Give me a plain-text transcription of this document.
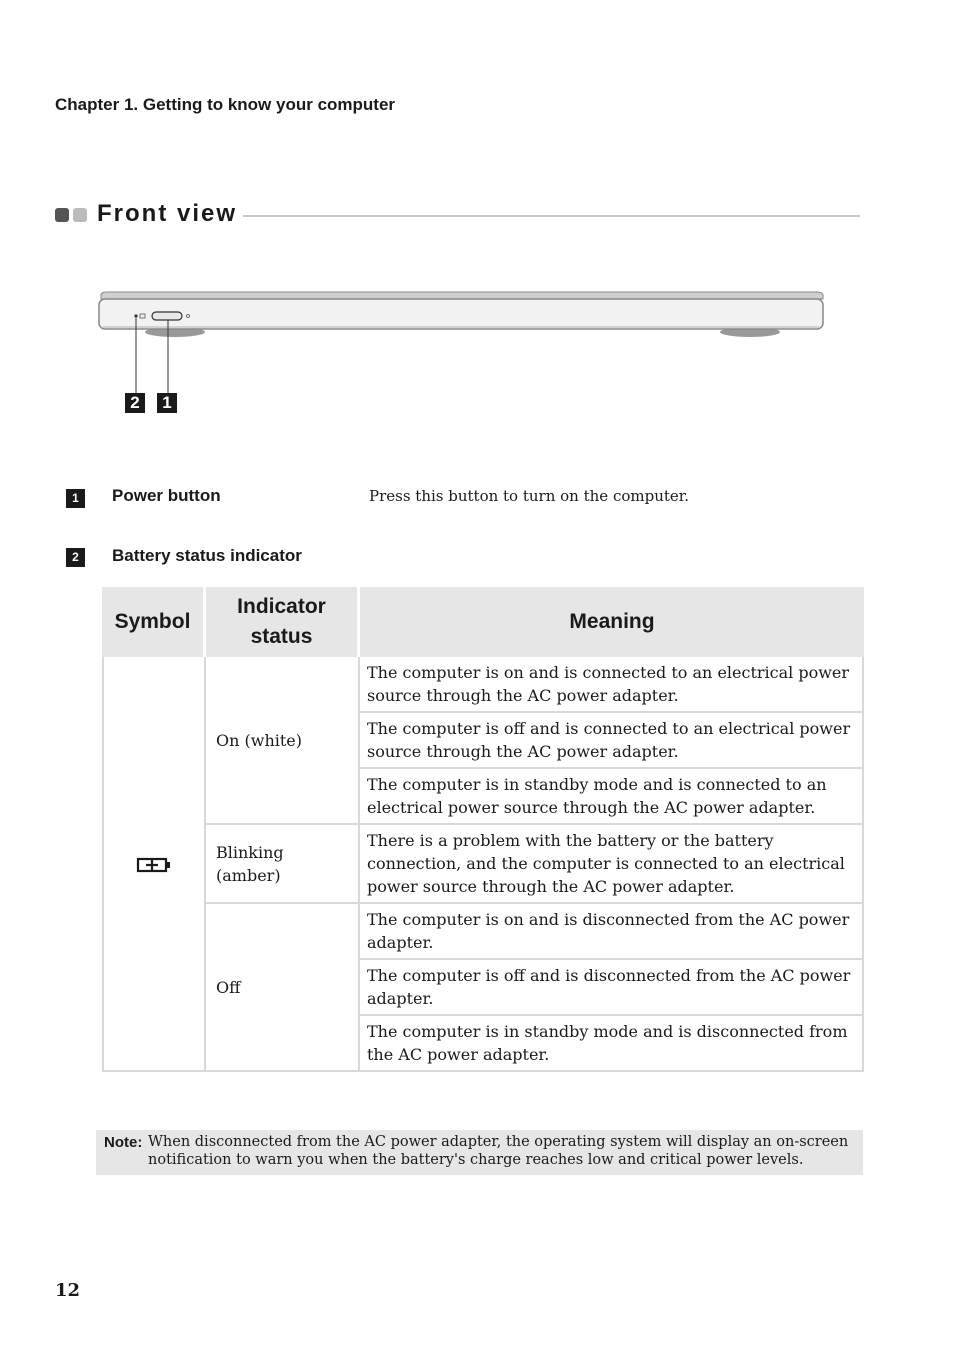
Chapter 1. Getting to know your computer
Front view
2	1
1	Power button	Press this button to turn on the computer.
2	Battery status indicator
Symbol	Indicator status	Meaning
	On (white)	The computer is on and is connected to an electrical power source through the AC power adapter.
		The computer is off and is connected to an electrical power source through the AC power adapter.
		The computer is in standby mode and is connected to an electrical power source through the AC power adapter.
	Blinking (amber)	There is a problem with the battery or the battery connection, and the computer is connected to an electrical power source through the AC power adapter.
	Off	The computer is on and is disconnected from the AC power adapter.
		The computer is off and is disconnected from the AC power adapter.
		The computer is in standby mode and is disconnected from the AC power adapter.
Note: When disconnected from the AC power adapter, the operating system will display an on-screen notification to warn you when the battery's charge reaches low and critical power levels.
12
